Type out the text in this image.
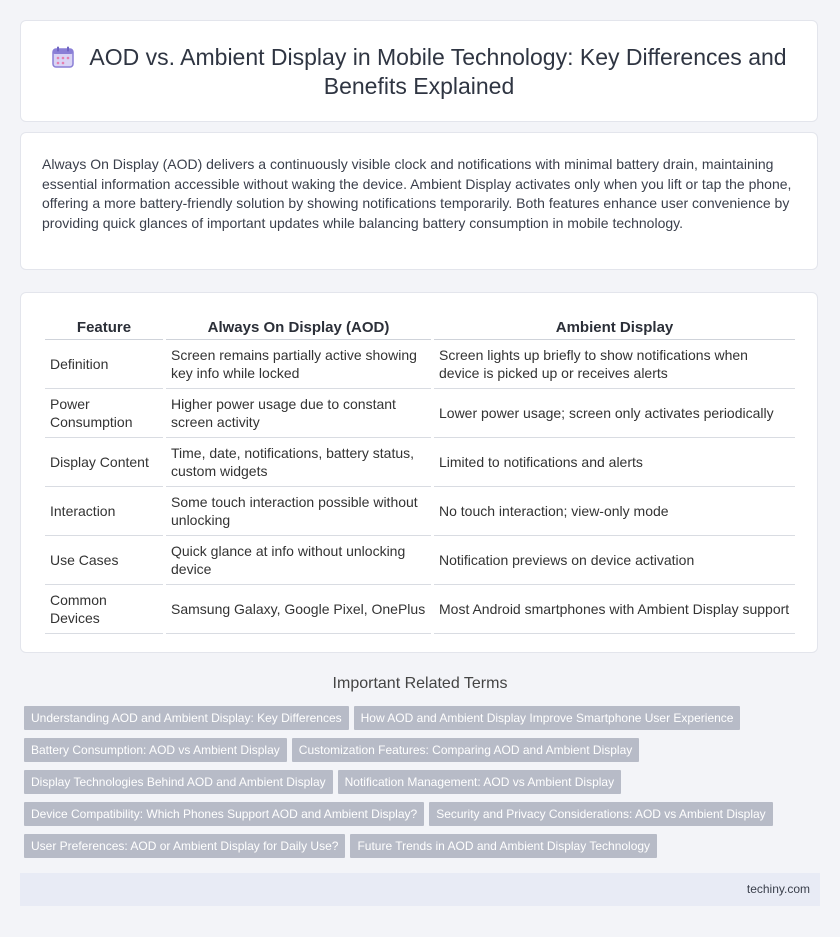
AOD vs. Ambient Display in Mobile Technology: Key Differences and Benefits Explained

Always On Display (AOD) delivers a continuously visible clock and notifications with minimal battery drain, maintaining essential information accessible without waking the device. Ambient Display activates only when you lift or tap the phone, offering a more battery-friendly solution by showing notifications temporarily. Both features enhance user convenience by providing quick glances of important updates while balancing battery consumption in mobile technology.

Feature	Always On Display (AOD)	Ambient Display
Definition	Screen remains partially active showing key info while locked	Screen lights up briefly to show notifications when device is picked up or receives alerts
Power Consumption	Higher power usage due to constant screen activity	Lower power usage; screen only activates periodically
Display Content	Time, date, notifications, battery status, custom widgets	Limited to notifications and alerts
Interaction	Some touch interaction possible without unlocking	No touch interaction; view-only mode
Use Cases	Quick glance at info without unlocking device	Notification previews on device activation
Common Devices	Samsung Galaxy, Google Pixel, OnePlus	Most Android smartphones with Ambient Display support
Important Related Terms
Understanding AOD and Ambient Display: Key Differences How AOD and Ambient Display Improve Smartphone User Experience
Battery Consumption: AOD vs Ambient Display Customization Features: Comparing AOD and Ambient Display
Display Technologies Behind AOD and Ambient Display Notification Management: AOD vs Ambient Display
Device Compatibility: Which Phones Support AOD and Ambient Display? Security and Privacy Considerations: AOD vs Ambient Display
User Preferences: AOD or Ambient Display for Daily Use? Future Trends in AOD and Ambient Display Technology
techiny.com
